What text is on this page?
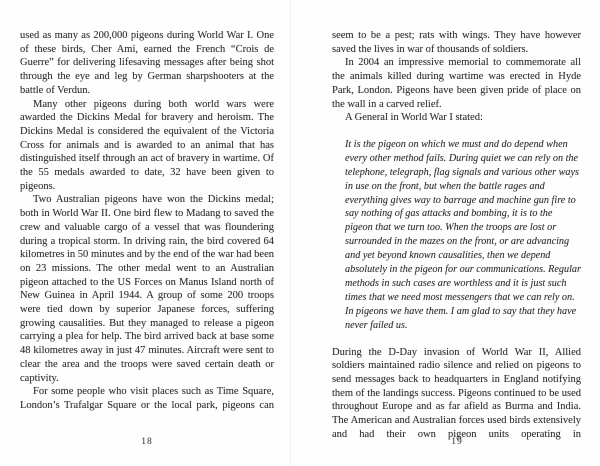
used as many as 200,000 pigeons during World War I. One of these birds, Cher Ami, earned the French “Crois de Guerre” for delivering lifesaving messages after being shot through the eye and leg by German sharpshooters at the battle of Verdun.
Many other pigeons during both world wars were awarded the Dickins Medal for bravery and heroism. The Dickins Medal is considered the equivalent of the Victoria Cross for animals and is awarded to an animal that has distinguished itself through an act of bravery in wartime. Of the 55 medals awarded to date, 32 have been given to pigeons.
Two Australian pigeons have won the Dickins medal; both in World War II. One bird flew to Madang to saved the crew and valuable cargo of a vessel that was floundering during a tropical storm. In driving rain, the bird covered 64 kilometres in 50 minutes and by the end of the war had been on 23 missions. The other medal went to an Australian pigeon attached to the US Forces on Manus Island north of New Guinea in April 1944. A group of some 200 troops were tied down by superior Japanese forces, suffering growing causalities. But they managed to release a pigeon carrying a plea for help. The bird arrived back at base some 48 kilometres away in just 47 minutes. Aircraft were sent to clear the area and the troops were saved certain death or captivity.
For some people who visit places such as Time Square, London’s Trafalgar Square or the local park, pigeons can
seem to be a pest; rats with wings. They have however saved the lives in war of thousands of soldiers.
In 2004 an impressive memorial to commemorate all the animals killed during wartime was erected in Hyde Park, London. Pigeons have been given pride of place on the wall in a carved relief.
A General in World War I stated:
It is the pigeon on which we must and do depend when every other method fails. During quiet we can rely on the telephone, telegraph, flag signals and various other ways in use on the front, but when the battle rages and everything gives way to barrage and machine gun fire to say nothing of gas attacks and bombing, it is to the pigeon that we turn too. When the troops are lost or surrounded in the mazes on the front, or are advancing and yet beyond known causalities, then we depend absolutely in the pigeon for our communications. Regular methods in such cases are worthless and it is just such times that we need most messengers that we can rely on. In pigeons we have them. I am glad to say that they have never failed us.
During the D-Day invasion of World War II, Allied soldiers maintained radio silence and relied on pigeons to send messages back to headquarters in England notifying them of the landings success. Pigeons continued to be used throughout Europe and as far afield as Burma and India. The American and Australian forces used birds extensively and had their own pigeon units operating in
18	19
